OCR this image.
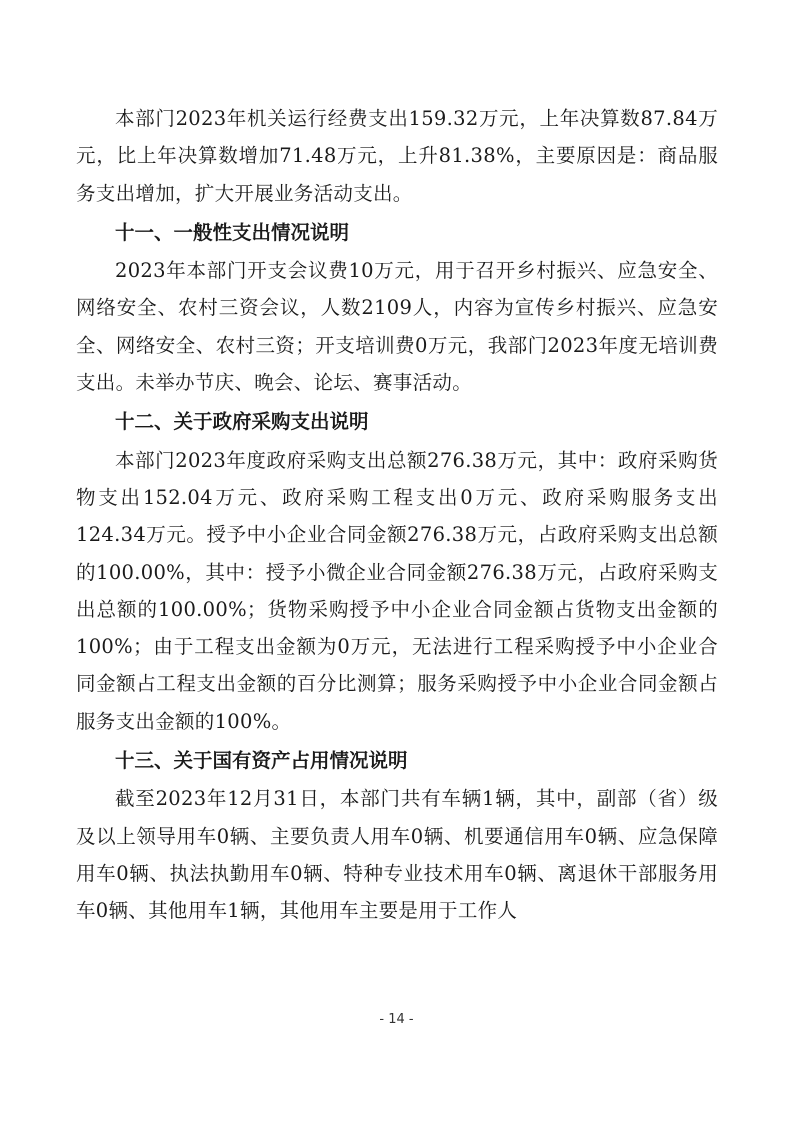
本部门2023年机关运行经费支出159.32万元，上年决算数87.84万元，比上年决算数增加71.48万元，上升81.38%，主要原因是：商品服务支出增加，扩大开展业务活动支出。

十一、一般性支出情况说明

2023年本部门开支会议费10万元，用于召开乡村振兴、应急安全、网络安全、农村三资会议，人数2109人，内容为宣传乡村振兴、应急安全、网络安全、农村三资；开支培训费0万元，我部门2023年度无培训费支出。未举办节庆、晚会、论坛、赛事活动。

十二、关于政府采购支出说明

本部门2023年度政府采购支出总额276.38万元，其中：政府采购货物支出152.04万元、政府采购工程支出0万元、政府采购服务支出124.34万元。授予中小企业合同金额276.38万元，占政府采购支出总额的100.00%，其中：授予小微企业合同金额276.38万元，占政府采购支出总额的100.00%；货物采购授予中小企业合同金额占货物支出金额的100%；由于工程支出金额为0万元，无法进行工程采购授予中小企业合同金额占工程支出金额的百分比测算；服务采购授予中小企业合同金额占服务支出金额的100%。

十三、关于国有资产占用情况说明

截至2023年12月31日，本部门共有车辆1辆，其中，副部（省）级及以上领导用车0辆、主要负责人用车0辆、机要通信用车0辆、应急保障用车0辆、执法执勤用车0辆、特种专业技术用车0辆、离退休干部服务用车0辆、其他用车1辆，其他用车主要是用于工作人

- 14 -
